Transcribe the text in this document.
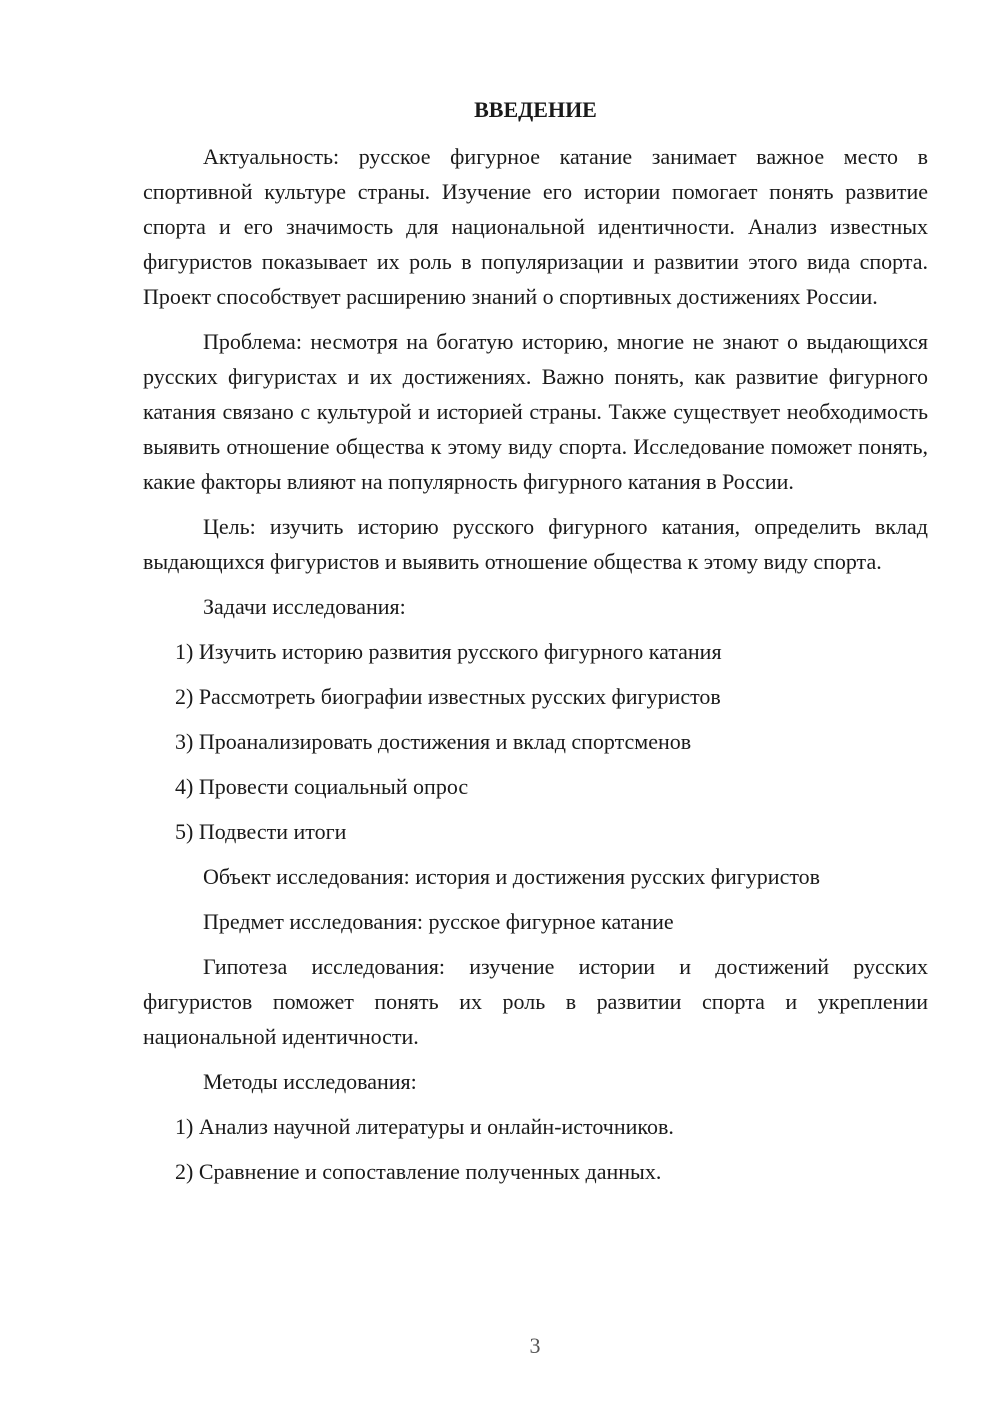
ВВЕДЕНИЕ

Актуальность: русское фигурное катание занимает важное место в спортивной культуре страны. Изучение его истории помогает понять развитие спорта и его значимость для национальной идентичности. Анализ известных фигуристов показывает их роль в популяризации и развитии этого вида спорта. Проект способствует расширению знаний о спортивных достижениях России.

Проблема: несмотря на богатую историю, многие не знают о выдающихся русских фигуристах и их достижениях. Важно понять, как развитие фигурного катания связано с культурой и историей страны. Также существует необходимость выявить отношение общества к этому виду спорта. Исследование поможет понять, какие факторы влияют на популярность фигурного катания в России.

Цель: изучить историю русского фигурного катания, определить вклад выдающихся фигуристов и выявить отношение общества к этому виду спорта.

Задачи исследования:
1) Изучить историю развития русского фигурного катания
2) Рассмотреть биографии известных русских фигуристов
3) Проанализировать достижения и вклад спортсменов
4) Провести социальный опрос
5) Подвести итоги
Объект исследования: история и достижения русских фигуристов
Предмет исследования: русское фигурное катание

Гипотеза исследования: изучение истории и достижений русских фигуристов поможет понять их роль в развитии спорта и укреплении национальной идентичности.

Методы исследования:
1) Анализ научной литературы и онлайн-источников.
2) Сравнение и сопоставление полученных данных.
3
